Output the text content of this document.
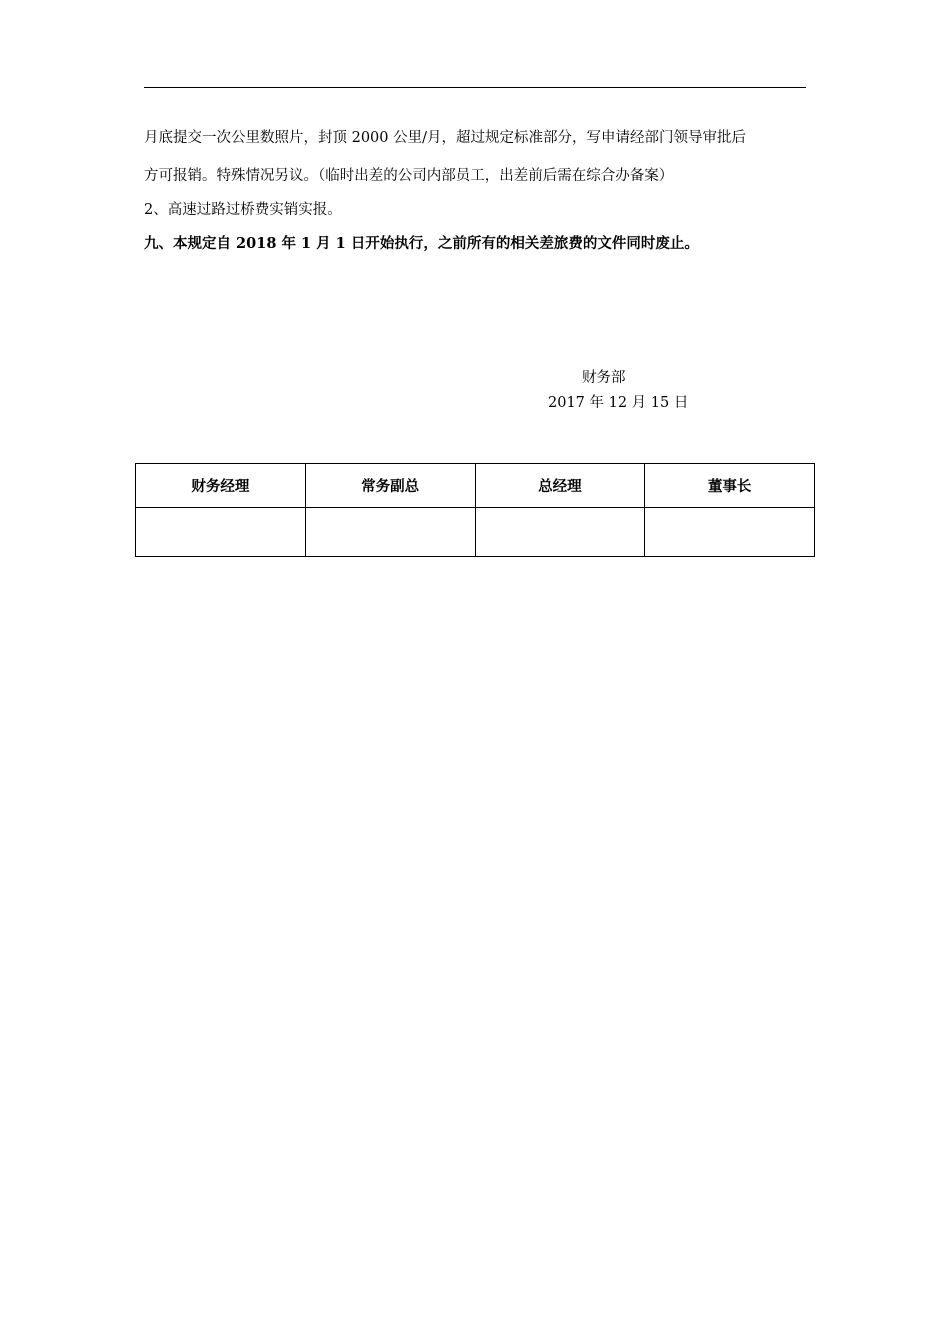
月底提交一次公里数照片，封顶 2000 公里/月，超过规定标准部分，写申请经部门领导审批后

方可报销。特殊情况另议。（临时出差的公司内部员工，出差前后需在综合办备案）

2、高速过路过桥费实销实报。

九、本规定自 2018 年 1 月 1 日开始执行，之前所有的相关差旅费的文件同时废止。

财务部

2017 年 12 月 15 日

财务经理	常务副总	总经理	董事长
